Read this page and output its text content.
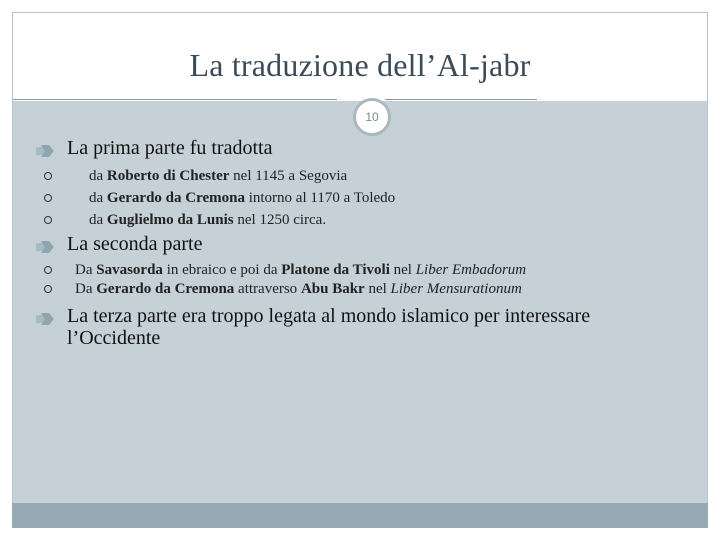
La traduzione dell’Al-jabr
10
La prima parte fu tradotta
da Roberto di Chester nel 1145 a Segovia
da Gerardo da Cremona intorno al 1170 a Toledo
da Guglielmo da Lunis nel 1250 circa.
La seconda parte
Da Savasorda in ebraico e poi da Platone da Tivoli nel Liber Embadorum
Da Gerardo da Cremona attraverso Abu Bakr nel Liber Mensurationum
La terza parte era troppo legata al mondo islamico per interessare
l’Occidente
